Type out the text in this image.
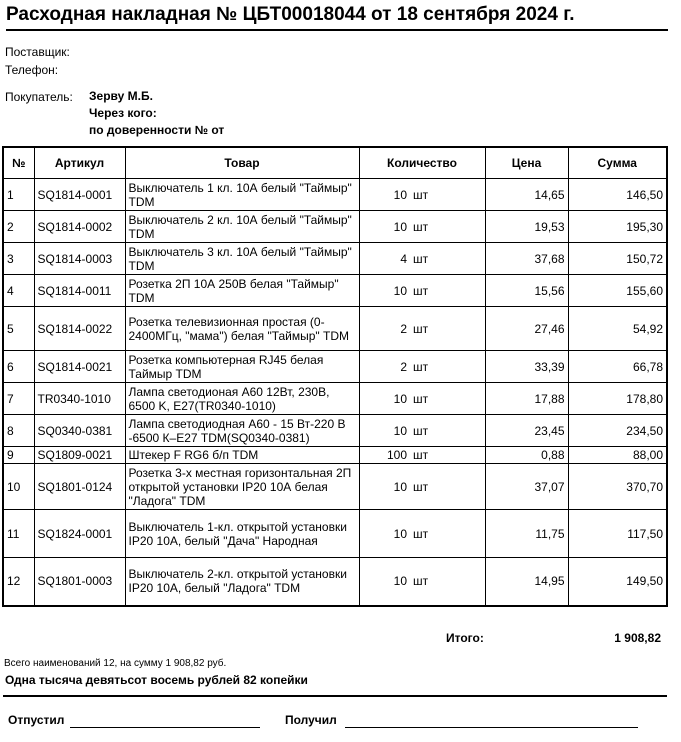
Расходная накладная № ЦБТ00018044 от 18 сентября 2024 г.
Поставщик:
Телефон:
Покупатель: Зерву М.Б.
Через кого:
по доверенности № от
№	Артикул	Товар	Количество		Цена	Сумма
1	SQ1814-0001	Выключатель 1 кл. 10А белый "Таймыр" TDM	10	шт	14,65	146,50
2	SQ1814-0002	Выключатель 2 кл. 10А белый "Таймыр" TDM	10	шт	19,53	195,30
3	SQ1814-0003	Выключатель 3 кл. 10А белый "Таймыр" TDM	4	шт	37,68	150,72
4	SQ1814-0011	Розетка 2П 10А 250В белая "Таймыр" TDM	10	шт	15,56	155,60
5	SQ1814-0022	Розетка телевизионная простая (0-2400МГц, "мама") белая "Таймыр" TDM	2	шт	27,46	54,92
6	SQ1814-0021	Розетка компьютерная RJ45 белая Таймыр TDM	2	шт	33,39	66,78
7	TR0340-1010	Лампа светодионая А60 12Вт, 230В, 6500 K, E27(TR0340-1010)	10	шт	17,88	178,80
8	SQ0340-0381	Лампа светодиодная A60 - 15 Вт-220 В -6500 К–Е27 TDM(SQ0340-0381)	10	шт	23,45	234,50
9	SQ1809-0021	Штекер F RG6 б/п TDM	100	шт	0,88	88,00
10	SQ1801-0124	Розетка 3-х местная горизонтальная 2П открытой установки IP20 10А белая "Ладога" TDM	10	шт	37,07	370,70
11	SQ1824-0001	Выключатель 1-кл. открытой установки IP20 10А, белый "Дача" Народная	10	шт	11,75	117,50
12	SQ1801-0003	Выключатель 2-кл. открытой установки IP20 10А, белый "Ладога" TDM	10	шт	14,95	149,50
Итого:	1 908,82
Всего наименований 12, на сумму 1 908,82 руб.
Одна тысяча девятьсот восемь рублей 82 копейки
Отпустил	Получил
